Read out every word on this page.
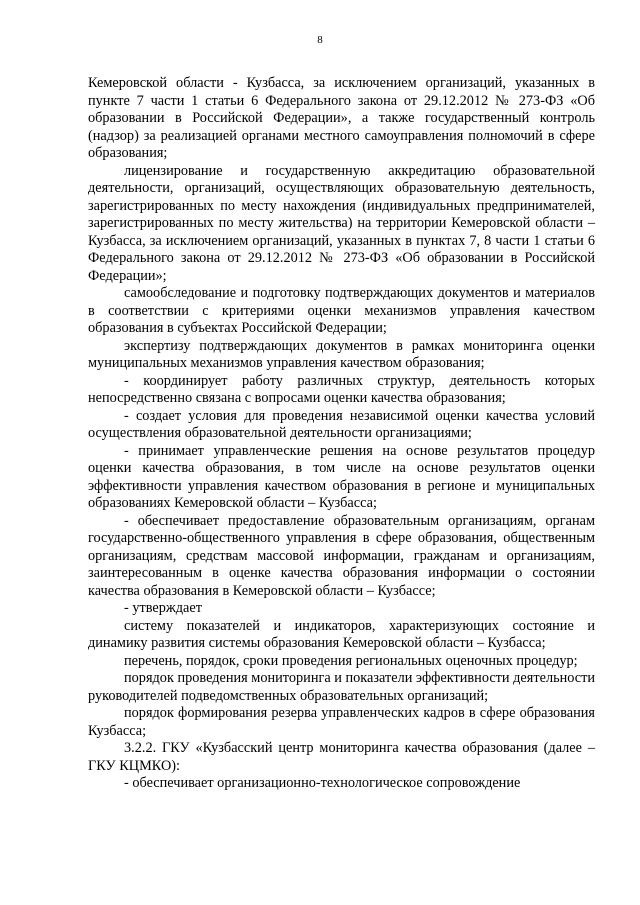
8

Кемеровской области - Кузбасса, за исключением организаций, указанных в пункте 7 части 1 статьи 6 Федерального закона от 29.12.2012 № 273-ФЗ «Об образовании в Российской Федерации», а также государственный контроль (надзор) за реализацией органами местного самоуправления полномочий в сфере образования;

лицензирование и государственную аккредитацию образовательной деятельности, организаций, осуществляющих образовательную деятельность, зарегистрированных по месту нахождения (индивидуальных предпринимателей, зарегистрированных по месту жительства) на территории Кемеровской области – Кузбасса, за исключением организаций, указанных в пунктах 7, 8 части 1 статьи 6 Федерального закона от 29.12.2012 № 273-ФЗ «Об образовании в Российской Федерации»;

самообследование и подготовку подтверждающих документов и материалов в соответствии с критериями оценки механизмов управления качеством образования в субъектах Российской Федерации;

экспертизу подтверждающих документов в рамках мониторинга оценки муниципальных механизмов управления качеством образования;

- координирует работу различных структур, деятельность которых непосредственно связана с вопросами оценки качества образования;

- создает условия для проведения независимой оценки качества условий осуществления образовательной деятельности организациями;

- принимает управленческие решения на основе результатов процедур оценки качества образования, в том числе на основе результатов оценки эффективности управления качеством образования в регионе и муниципальных образованиях Кемеровской области – Кузбасса;

- обеспечивает предоставление образовательным организациям, органам государственно-общественного управления в сфере образования, общественным организациям, средствам массовой информации, гражданам и организациям, заинтересованным в оценке качества образования информации о состоянии качества образования в Кемеровской области – Кузбассе;

- утверждает

систему показателей и индикаторов, характеризующих состояние и динамику развития системы образования Кемеровской области – Кузбасса;

перечень, порядок, сроки проведения региональных оценочных процедур;

порядок проведения мониторинга и показатели эффективности деятельности руководителей подведомственных образовательных организаций;

порядок формирования резерва управленческих кадров в сфере образования Кузбасса;

3.2.2. ГКУ «Кузбасский центр мониторинга качества образования (далее – ГКУ КЦМКО):

- обеспечивает организационно-технологическое сопровождение
